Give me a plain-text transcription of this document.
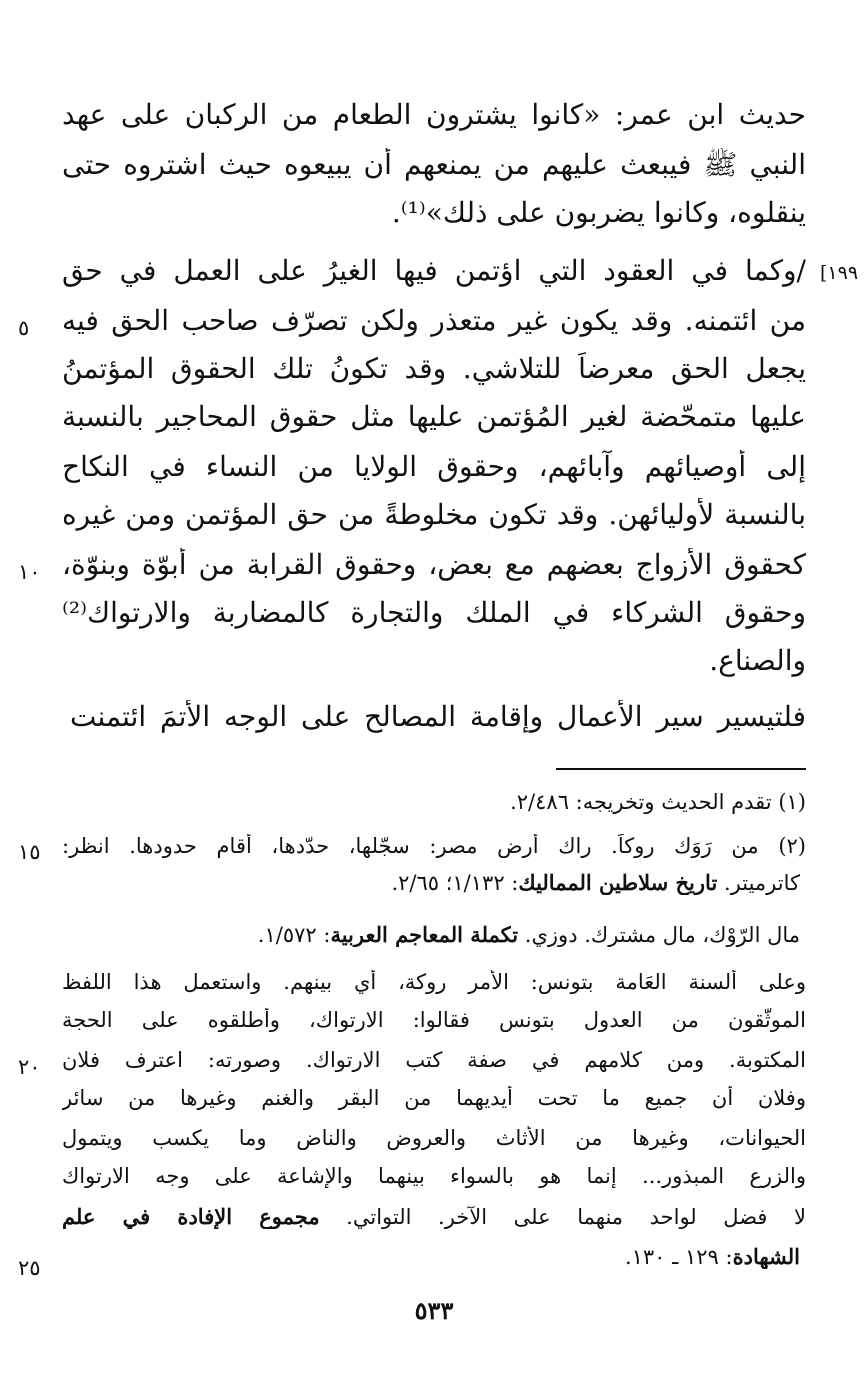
[١٩٩
حديث ابن عمر: «كانوا يشترون الطعام من الركبان على عهد
النبي ﷺ فيبعث عليهم من يمنعهم أن يبيعوه حيث اشتروه حتى
ينقلوه، وكانوا يضربون على ذلك»⁽¹⁾.
/وكما في العقود التي اؤتمن فيها الغيرُ على العمل في حق
من ائتمنه. وقد يكون غير متعذر ولكن تصرّف صاحب الحق فيه
يجعل الحق معرضاً للتلاشي. وقد تكونُ تلك الحقوق المؤتمنُ
عليها متمحّضة لغير المُؤتمنِ عليها مثل حقوق المحاجير بالنسبة
إلى أوصيائهم وآبائهم، وحقوق الولايا من النساء في النكاح
بالنسبة لأوليائهن. وقد تكون مخلوطةً من حق المؤتمن ومن غيره
كحقوق الأزواج بعضهم مع بعض، وحقوق القرابة من أبوّة وبنوّة،
وحقوق الشركاء في الملك والتجارة كالمضاربة والارتواك⁽²⁾
والصناع.
فلتيسير سير الأعمال وإقامة المصالح على الوجه الأتمَ ائتمنت
٥
١٠
١٥
٢٠
٢٥
(١) تقدم الحديث وتخريجه: ٢/٤٨٦.
(٢) من رَوَك روكاً. راك أرض مصر: سجّلها، حدّدها، أقام حدودها. انظر:
كاترميتر. تاريخ سلاطين المماليك: ١/١٣٢؛ ٢/٦٥.
مال الرّوْك، مال مشترك. دوزي. تكملة المعاجم العربية: ١/٥٧٢.
وعلى ألسنة العَامة بتونس: الأمر روكة، أي بينهم. واستعمل هذا اللفظ
الموثّقون من العدول بتونس فقالوا: الارتواك، وأطلقوه على الحجة
المكتوبة. ومن كلامهم في صفة كتب الارتواك. وصورته: اعترف فلان
وفلان أن جميع ما تحت أيديهما من البقر والغنم وغيرها من سائر
الحيوانات، وغيرها من الأثاث والعروض والناض وما يكسب ويتمول
والزرع المبذور... إنما هو بالسواء بينهما والإشاعة على وجه الارتواك
لا فضل لواحد منهما على الآخر. التواتي. مجموع الإفادة في علم
الشهادة: ١٢٩ ـ ١٣٠.
٥٣٣
